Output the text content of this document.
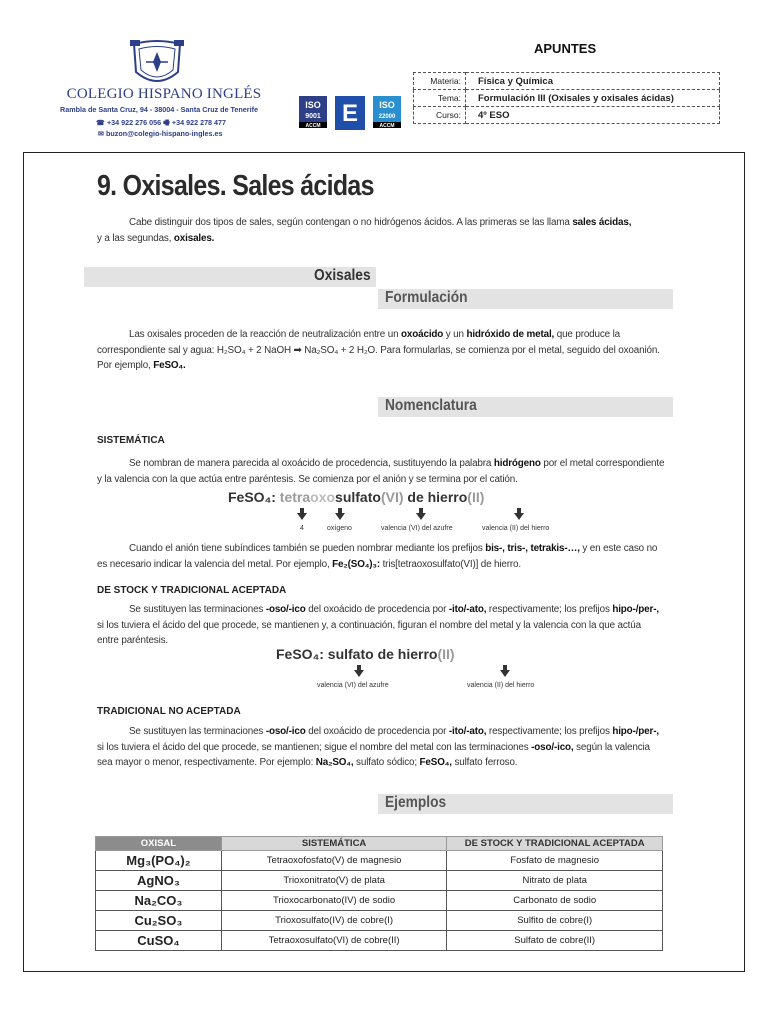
COLEGIO HISPANO INGLÉS
Rambla de Santa Cruz, 94 - 38004 - Santa Cruz de Tenerife
☎ +34 922 276 056 🖷 +34 922 278 477
✉ buzon@colegio-hispano-ingles.es
ISO
9001
ACCM E ISO
22000
ACCM
APUNTES
Materia:	Física y Química
Tema:	Formulación III (Oxisales y oxisales ácidas)
Curso:	4º ESO
9. Oxisales. Sales ácidas
Cabe distinguir dos tipos de sales, según contengan o no hidrógenos ácidos. A las primeras se las llama sales ácidas,
y a las segundas, oxisales.
Oxisales
Formulación
Las oxisales proceden de la reacción de neutralización entre un oxoácido y un hidróxido de metal, que produce la correspondiente sal y agua: H₂SO₄ + 2 NaOH ➡ Na₂SO₄ + 2 H₂O. Para formularlas, se comienza por el metal, seguido del oxoanión. Por ejemplo, FeSO₄.
Nomenclatura
SISTEMÁTICA
Se nombran de manera parecida al oxoácido de procedencia, sustituyendo la palabra hidrógeno por el metal correspondiente y la valencia con la que actúa entre paréntesis. Se comienza por el anión y se termina por el catión.
FeSO₄: tetraoxosulfato(VI) de hierro(II)
4	oxígeno	valencia (VI) del azufre	valencia (II) del hierro
Cuando el anión tiene subíndices también se pueden nombrar mediante los prefijos bis-, tris-, tetrakis-…, y en este caso no es necesario indicar la valencia del metal. Por ejemplo, Fe₂(SO₄)₃: tris[tetraoxosulfato(VI)] de hierro.
DE STOCK Y TRADICIONAL ACEPTADA
Se sustituyen las terminaciones -oso/-ico del oxoácido de procedencia por -ito/-ato, respectivamente; los prefijos hipo-/per-, si los tuviera el ácido del que procede, se mantienen y, a continuación, figuran el nombre del metal y la valencia con la que actúa entre paréntesis.
FeSO₄: sulfato de hierro(II)
valencia (VI) del azufre	valencia (II) del hierro
TRADICIONAL NO ACEPTADA
Se sustituyen las terminaciones -oso/-ico del oxoácido de procedencia por -ito/-ato, respectivamente; los prefijos hipo-/per-, si los tuviera el ácido del que procede, se mantienen; sigue el nombre del metal con las terminaciones -oso/-ico, según la valencia sea mayor o menor, respectivamente. Por ejemplo: Na₂SO₄, sulfato sódico; FeSO₄, sulfato ferroso.
Ejemplos
OXISAL	SISTEMÁTICA	DE STOCK Y TRADICIONAL ACEPTADA
Mg₃(PO₄)₂	Tetraoxofosfato(V) de magnesio	Fosfato de magnesio
AgNO₃	Trioxonitrato(V) de plata	Nitrato de plata
Na₂CO₃	Trioxocarbonato(IV) de sodio	Carbonato de sodio
Cu₂SO₃	Trioxosulfato(IV) de cobre(I)	Sulfito de cobre(I)
CuSO₄	Tetraoxosulfato(VI) de cobre(II)	Sulfato de cobre(II)
